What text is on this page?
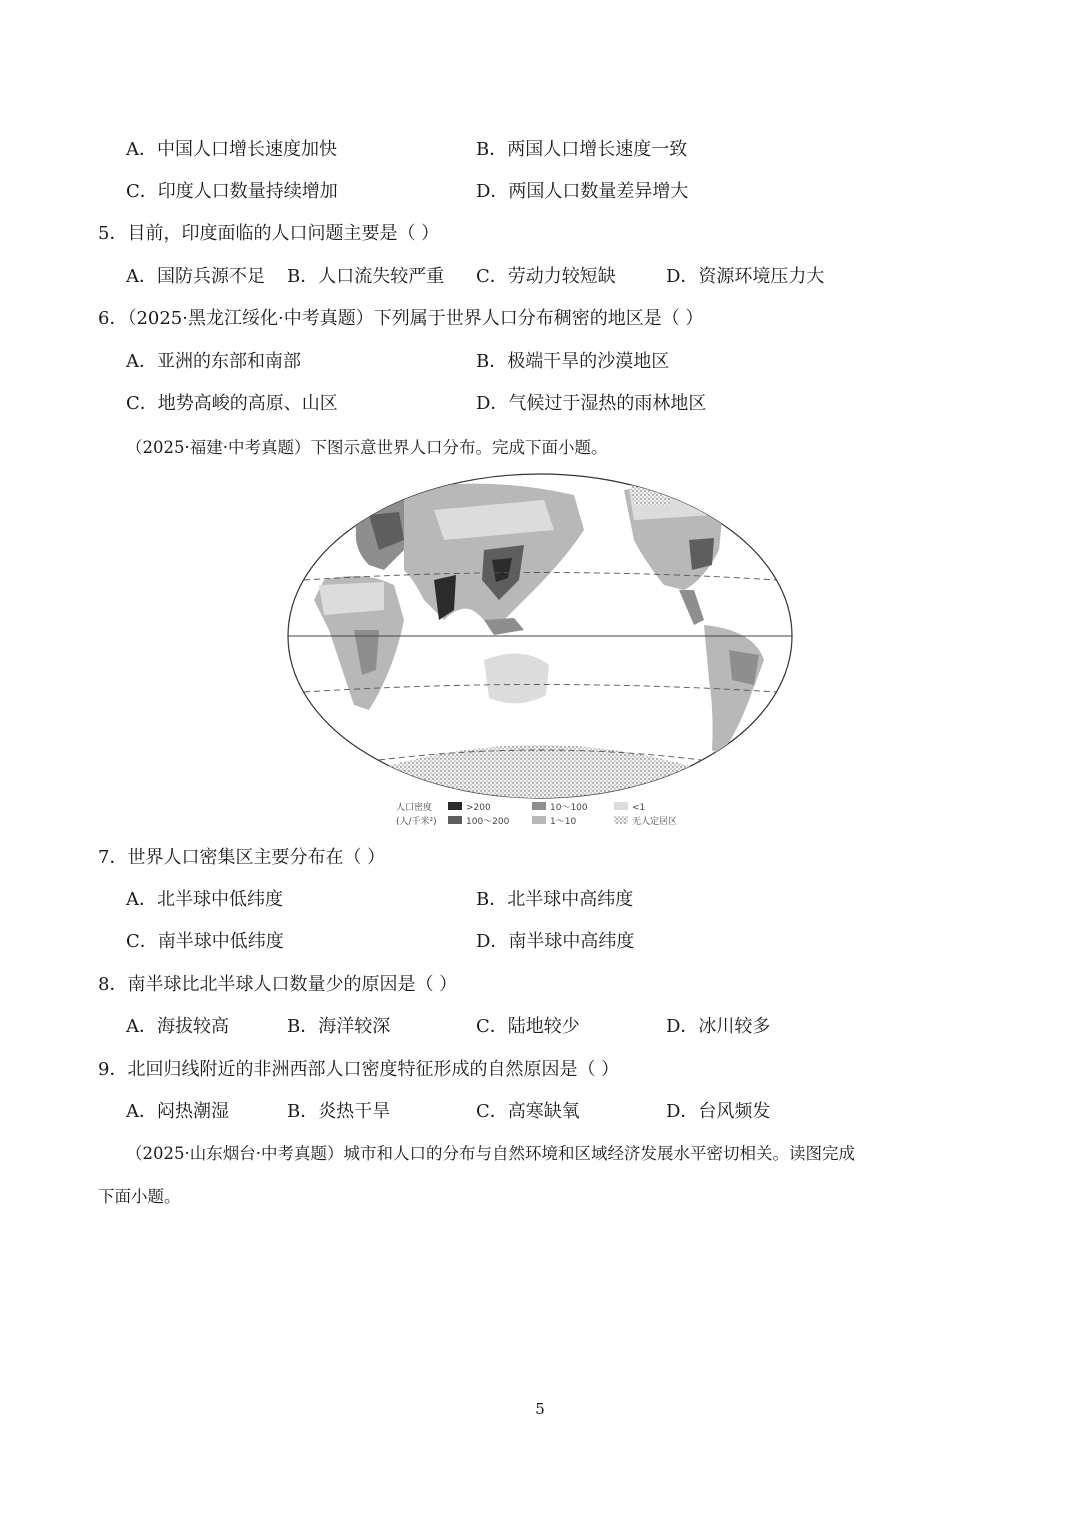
A．中国人口增长速度加快	B．两国人口增长速度一致
C．印度人口数量持续增加	D．两国人口数量差异增大
5．目前，印度面临的人口问题主要是（ ）
A．国防兵源不足 B．人口流失较严重 C．劳动力较短缺	D．资源环境压力大
6．（2025·黑龙江绥化·中考真题）下列属于世界人口分布稠密的地区是（ ）
A．亚洲的东部和南部	B．极端干旱的沙漠地区
C．地势高峻的高原、山区	D．气候过于湿热的雨林地区
（2025·福建·中考真题）下图示意世界人口分布。完成下面小题。
人口密度
(人/千米²)
>200
100～200
10～100
1～10
<1
无人定居区
7．世界人口密集区主要分布在（ ）
A．北半球中低纬度	B．北半球中高纬度
C．南半球中低纬度	D．南半球中高纬度
8．南半球比北半球人口数量少的原因是（ ）
A．海拔较高	B．海洋较深	C．陆地较少	D．冰川较多
9．北回归线附近的非洲西部人口密度特征形成的自然原因是（ ）
A．闷热潮湿	B．炎热干旱	C．高寒缺氧	D．台风频发
（2025·山东烟台·中考真题）城市和人口的分布与自然环境和区域经济发展水平密切相关。读图完成
下面小题。
5
